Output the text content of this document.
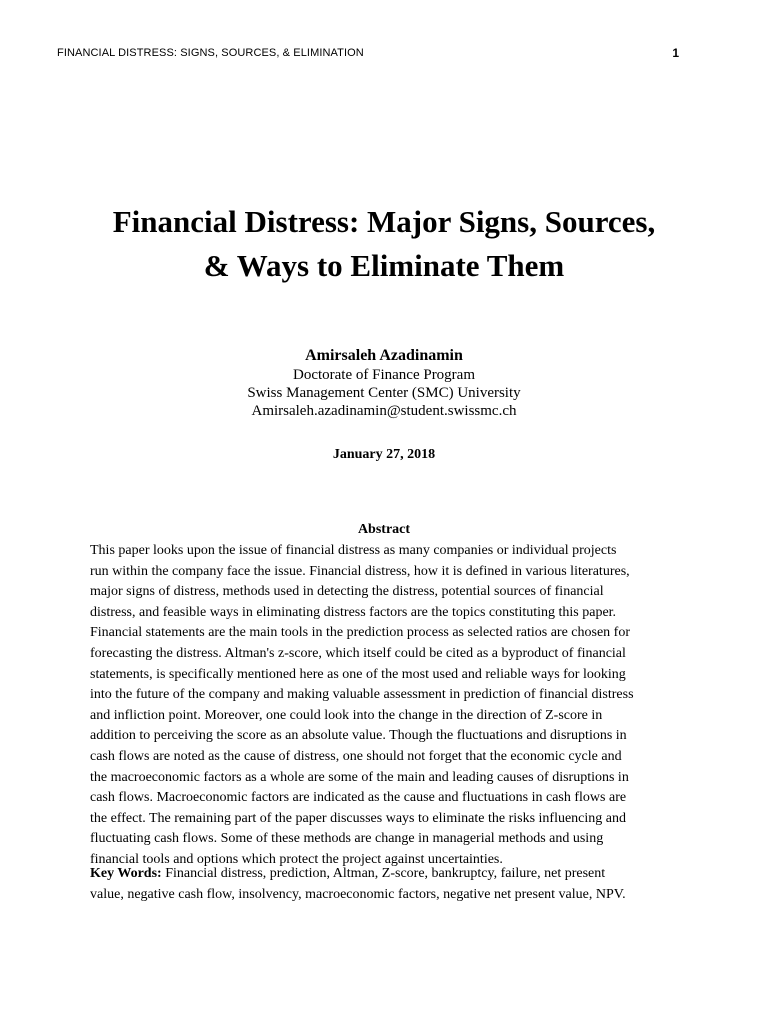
FINANCIAL DISTRESS: SIGNS, SOURCES, & ELIMINATION	1
Financial Distress: Major Signs, Sources,
& Ways to Eliminate Them
Amirsaleh Azadinamin
Doctorate of Finance Program
Swiss Management Center (SMC) University
Amirsaleh.azadinamin@student.swissmc.ch
January 27, 2018
Abstract
This paper looks upon the issue of financial distress as many companies or individual projects
run within the company face the issue. Financial distress, how it is defined in various literatures,
major signs of distress, methods used in detecting the distress, potential sources of financial
distress, and feasible ways in eliminating distress factors are the topics constituting this paper.
Financial statements are the main tools in the prediction process as selected ratios are chosen for
forecasting the distress. Altman's z-score, which itself could be cited as a byproduct of financial
statements, is specifically mentioned here as one of the most used and reliable ways for looking
into the future of the company and making valuable assessment in prediction of financial distress
and infliction point. Moreover, one could look into the change in the direction of Z-score in
addition to perceiving the score as an absolute value. Though the fluctuations and disruptions in
cash flows are noted as the cause of distress, one should not forget that the economic cycle and
the macroeconomic factors as a whole are some of the main and leading causes of disruptions in
cash flows. Macroeconomic factors are indicated as the cause and fluctuations in cash flows are
the effect. The remaining part of the paper discusses ways to eliminate the risks influencing and
fluctuating cash flows. Some of these methods are change in managerial methods and using
financial tools and options which protect the project against uncertainties.
Key Words: Financial distress, prediction, Altman, Z-score, bankruptcy, failure, net present
value, negative cash flow, insolvency, macroeconomic factors, negative net present value, NPV.
